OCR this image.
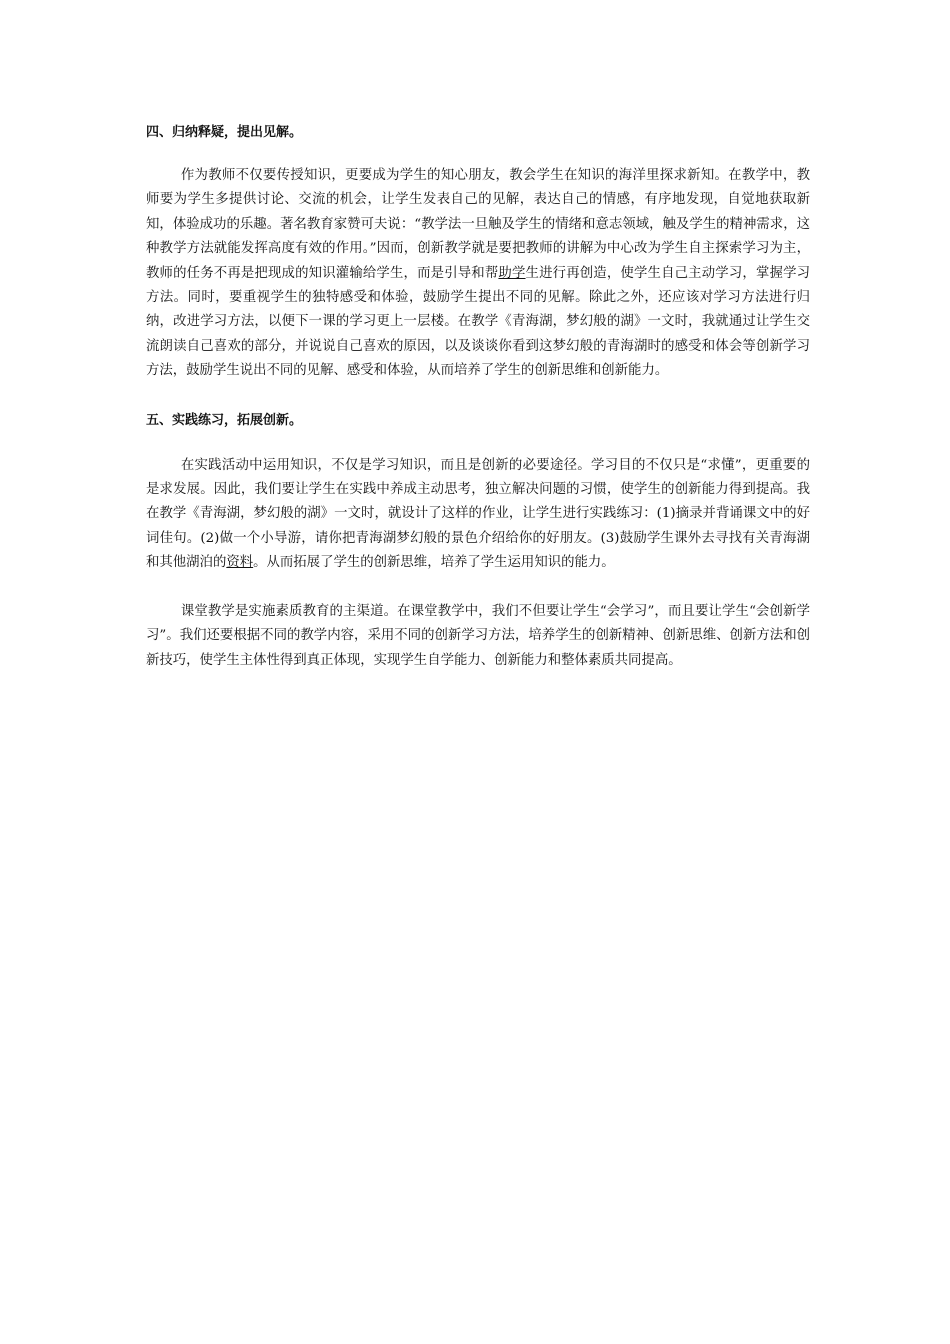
四、归纳释疑，提出见解。

作为教师不仅要传授知识，更要成为学生的知心朋友，教会学生在知识的海洋里探求新知。在教学中，教师要为学生多提供讨论、交流的机会，让学生发表自己的见解，表达自己的情感，有序地发现，自觉地获取新知，体验成功的乐趣。著名教育家赞可夫说：“教学法一旦触及学生的情绪和意志领域，触及学生的精神需求，这种教学方法就能发挥高度有效的作用。”因而，创新教学就是要把教师的讲解为中心改为学生自主探索学习为主，教师的任务不再是把现成的知识灌输给学生，而是引导和帮助学生进行再创造，使学生自己主动学习，掌握学习方法。同时，要重视学生的独特感受和体验，鼓励学生提出不同的见解。除此之外，还应该对学习方法进行归纳，改进学习方法，以便下一课的学习更上一层楼。在教学《青海湖，梦幻般的湖》一文时，我就通过让学生交流朗读自己喜欢的部分，并说说自己喜欢的原因，以及谈谈你看到这梦幻般的青海湖时的感受和体会等创新学习方法，鼓励学生说出不同的见解、感受和体验，从而培养了学生的创新思维和创新能力。

五、实践练习，拓展创新。

在实践活动中运用知识，不仅是学习知识，而且是创新的必要途径。学习目的不仅只是“求懂”，更重要的是求发展。因此，我们要让学生在实践中养成主动思考，独立解决问题的习惯，使学生的创新能力得到提高。我在教学《青海湖，梦幻般的湖》一文时，就设计了这样的作业，让学生进行实践练习：(1)摘录并背诵课文中的好词佳句。(2)做一个小导游，请你把青海湖梦幻般的景色介绍给你的好朋友。(3)鼓励学生课外去寻找有关青海湖和其他湖泊的资料。从而拓展了学生的创新思维，培养了学生运用知识的能力。

课堂教学是实施素质教育的主渠道。在课堂教学中，我们不但要让学生“会学习”，而且要让学生“会创新学习”。我们还要根据不同的教学内容，采用不同的创新学习方法，培养学生的创新精神、创新思维、创新方法和创新技巧，使学生主体性得到真正体现，实现学生自学能力、创新能力和整体素质共同提高。
